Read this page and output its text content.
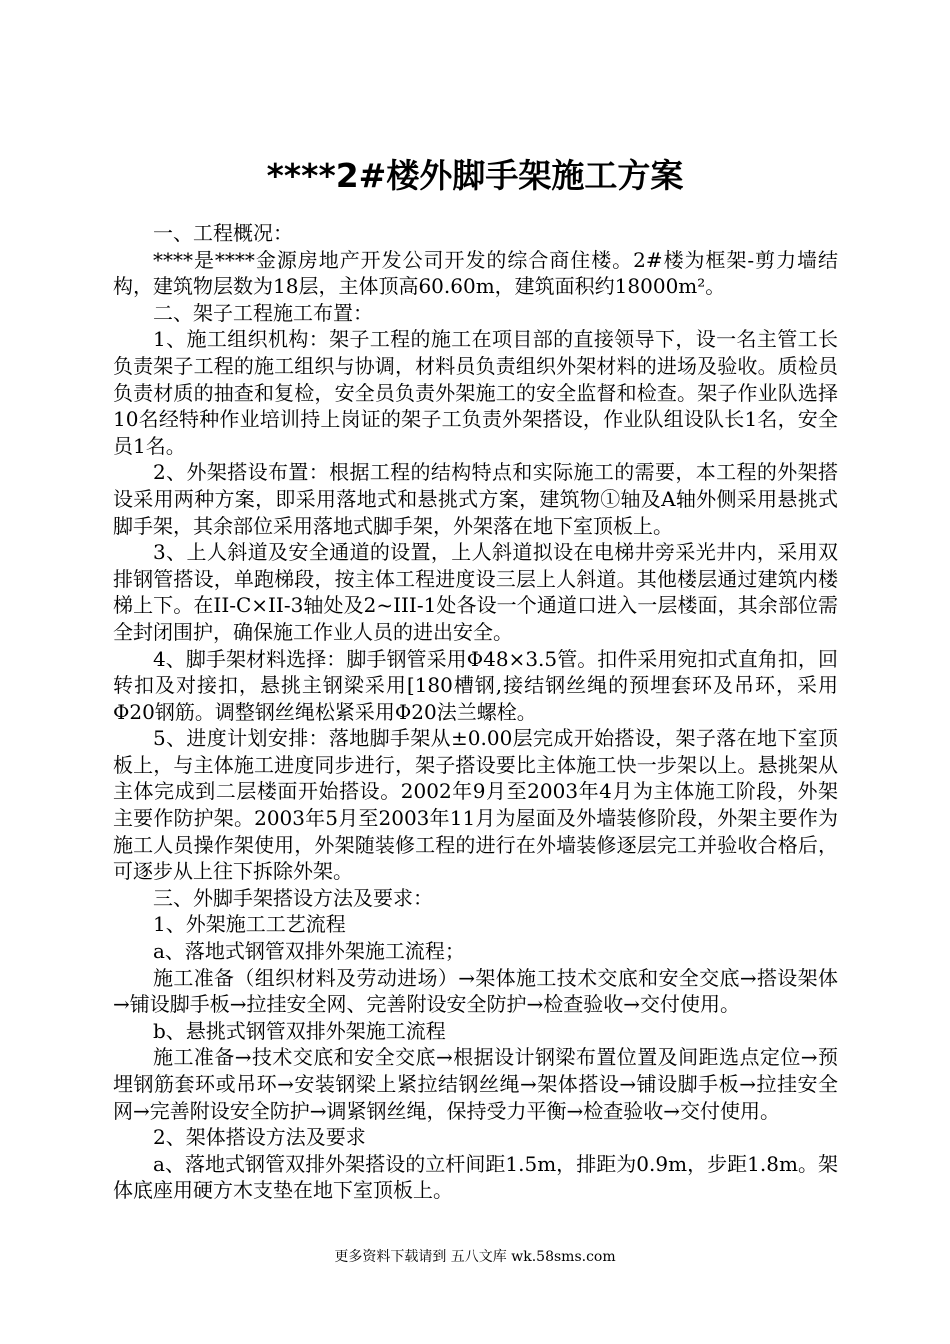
****2#楼外脚手架施工方案

一、工程概况：

****是****金源房地产开发公司开发的综合商住楼。2#楼为框架-剪力墙结构，建筑物层数为18层，主体顶高60.60m，建筑面积约18000m²。

二、架子工程施工布置：

1、施工组织机构：架子工程的施工在项目部的直接领导下，设一名主管工长负责架子工程的施工组织与协调，材料员负责组织外架材料的进场及验收。质检员负责材质的抽查和复检，安全员负责外架施工的安全监督和检查。架子作业队选择10名经特种作业培训持上岗证的架子工负责外架搭设，作业队组设队长1名，安全员1名。

2、外架搭设布置：根据工程的结构特点和实际施工的需要，本工程的外架搭设采用两种方案，即采用落地式和悬挑式方案，建筑物①轴及A轴外侧采用悬挑式脚手架，其余部位采用落地式脚手架，外架落在地下室顶板上。

3、上人斜道及安全通道的设置，上人斜道拟设在电梯井旁采光井内，采用双排钢管搭设，单跑梯段，按主体工程进度设三层上人斜道。其他楼层通过建筑内楼梯上下。在II-C×II-3轴处及2~III-1处各设一个通道口进入一层楼面，其余部位需全封闭围护，确保施工作业人员的进出安全。

4、脚手架材料选择：脚手钢管采用Φ48×3.5管。扣件采用宛扣式直角扣，回转扣及对接扣，悬挑主钢梁采用[180槽钢,接结钢丝绳的预埋套环及吊环，采用Φ20钢筋。调整钢丝绳松紧采用Φ20法兰螺栓。

5、进度计划安排：落地脚手架从±0.00层完成开始搭设，架子落在地下室顶板上，与主体施工进度同步进行，架子搭设要比主体施工快一步架以上。悬挑架从主体完成到二层楼面开始搭设。2002年9月至2003年4月为主体施工阶段，外架主要作防护架。2003年5月至2003年11月为屋面及外墙装修阶段，外架主要作为施工人员操作架使用，外架随装修工程的进行在外墙装修逐层完工并验收合格后，可逐步从上往下拆除外架。

三、外脚手架搭设方法及要求：

1、外架施工工艺流程

a、落地式钢管双排外架施工流程；

施工准备（组织材料及劳动进场）→架体施工技术交底和安全交底→搭设架体→铺设脚手板→拉挂安全网、完善附设安全防护→检查验收→交付使用。

b、悬挑式钢管双排外架施工流程

施工准备→技术交底和安全交底→根据设计钢梁布置位置及间距选点定位→预埋钢筋套环或吊环→安装钢梁上紧拉结钢丝绳→架体搭设→铺设脚手板→拉挂安全网→完善附设安全防护→调紧钢丝绳，保持受力平衡→检查验收→交付使用。

2、架体搭设方法及要求

a、落地式钢管双排外架搭设的立杆间距1.5m，排距为0.9m，步距1.8m。架体底座用硬方木支垫在地下室顶板上。

更多资料下载请到 五八文库 wk.58sms.com
